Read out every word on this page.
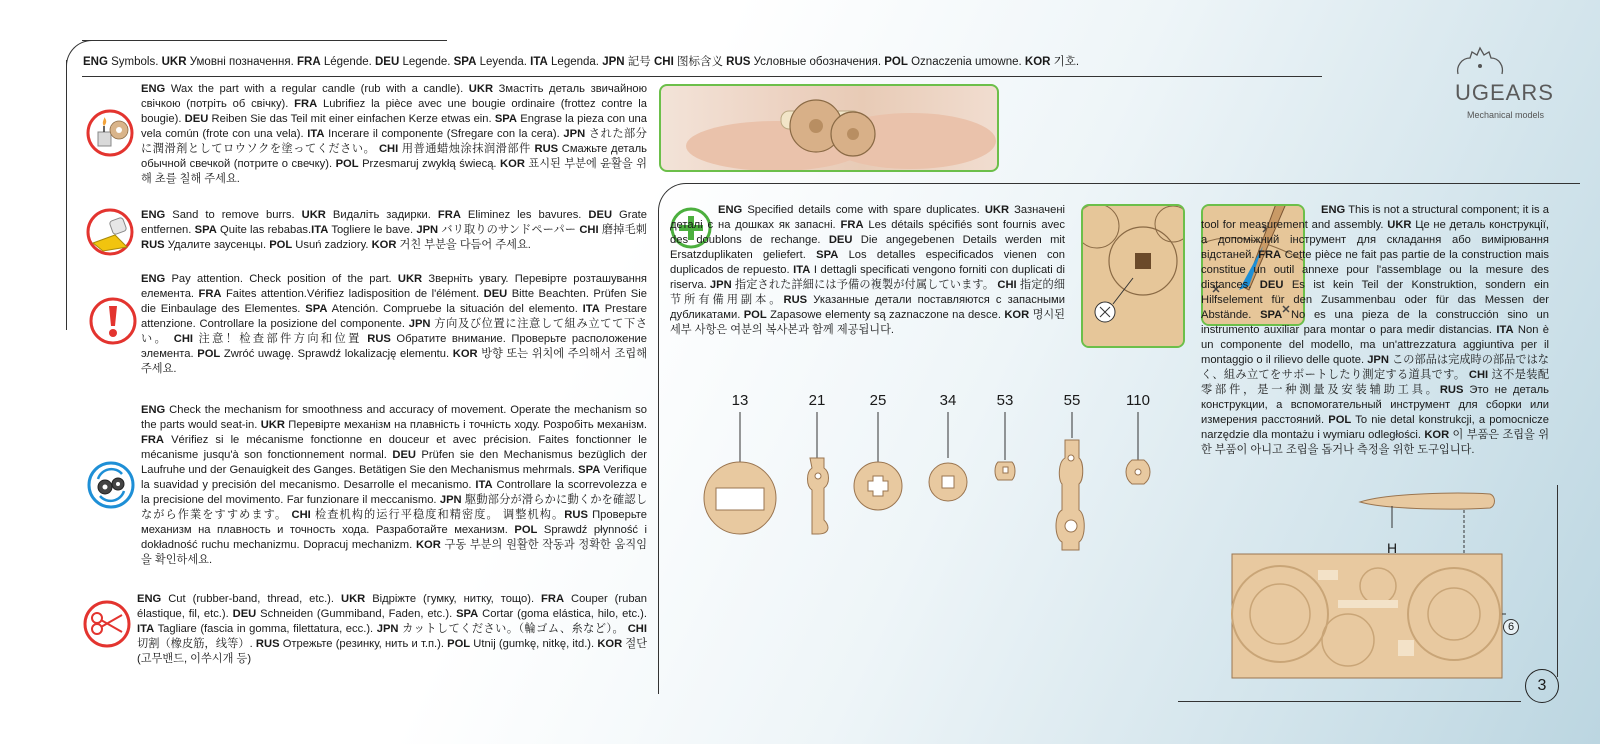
ENG Symbols. UKR Умовні позначення. FRA Légende. DEU Legende. SPA Leyenda. ITA Legenda. JPN 記号 CHI 图标含义 RUS Условные обозначения. POL Oznaczenia umowne. KOR 기호.
UGEARS
Mechanical models
ENG Wax the part with a regular candle (rub with a candle). UKR Змастіть деталь звичайною свічкою (потріть об свічку). FRA Lubrifiez la pièce avec une bougie ordinaire (frottez contre la bougie). DEU Reiben Sie das Teil mit einer einfachen Kerze etwas ein. SPA Engrase la pieza con una vela común (frote con una vela). ITA Incerare il componente (Sfregare con la cera). JPN された部分に潤滑剤としてロウソクを塗ってください。 CHI 用普通蜡烛涂抹润滑部件 RUS Смажьте деталь обычной свечкой (потрите о свечку). POL Przesmaruj zwykłą świecą. KOR 표시된 부분에 윤활을 위해 초를 칠해 주세요.
ENG Sand to remove burrs. UKR Видаліть задирки. FRA Eliminez les bavures. DEU Grate entfernen. SPA Quite las rebabas.ITA Togliere le bave. JPN バリ取りのサンドペーパー CHI 磨掉毛刺 RUS Удалите заусенцы. POL Usuń zadziory. KOR 거친 부분을 다듬어 주세요.
ENG Pay attention. Check position of the part. UKR Зверніть увагу. Перевірте розташування елемента. FRA Faites attention.Vérifiez ladisposition de l'élément. DEU Bitte Beachten. Prüfen Sie die Einbaulage des Elementes. SPA Atención. Compruebe la situación del elemento. ITA Prestare attenzione. Controllare la posizione del componente. JPN 方向及び位置に注意して組み立てて下さい。 CHI 注意！检查部件方向和位置 RUS Обратите внимание. Проверьте расположение элемента. POL Zwróć uwagę. Sprawdź lokalizację elementu. KOR 방향 또는 위치에 주의해서 조립해 주세요.
ENG Check the mechanism for smoothness and accuracy of movement. Operate the mechanism so the parts would seat-in. UKR Перевірте механізм на плавність і точність ходу. Розробіть механізм. FRA Vérifiez si le mécanisme fonctionne en douceur et avec précision. Faites fonctionner le mécanisme jusqu'à son fonctionnement normal. DEU Prüfen sie den Mechanismus bezüglich der Laufruhe und der Genauigkeit des Ganges. Betätigen Sie den Mechanismus mehrmals. SPA Verifique la suavidad y precisión del mecanismo. Desarrolle el mecanismo. ITA Controllare la scorrevolezza e la precisione del movimento. Far funzionare il meccanismo. JPN 駆動部分が滑らかに動くかを確認しながら作業をすすめます。 CHI 检查机构的运行平稳度和精密度。 调整机构。RUS Проверьте механизм на плавность и точность хода. Разработайте механизм. POL Sprawdź płynność i dokładność ruchu mechanizmu. Dopracuj mechanizm. KOR 구동 부분의 원활한 작동과 정확한 움직임을 확인하세요.
ENG Cut (rubber-band, thread, etc.). UKR Відріжте (гумку, нитку, тощо). FRA Couper (ruban élastique, fil, etc.). DEU Schneiden (Gummiband, Faden, etc.). SPA Cortar (goma elástica, hilo, etc.). ITA Tagliare (fascia in gomma, filettatura, ecc.). JPN カットしてください。（輪ゴム、糸など）。 CHI 切割（橡皮筋，线等）. RUS Отрежьте (резинку, нить и т.п.). POL Utnij (gumkę, nitkę, itd.). KOR 절단(고무밴드, 이쑤시개 등)
ENG Specified details come with spare duplicates. UKR Зазначені деталі є на дошках як запасні. FRA Les détails spécifiés sont fournis avec des doublons de rechange. DEU Die angegebenen Details werden mit Ersatzduplikaten geliefert. SPA Los detalles especificados vienen con duplicados de repuesto. ITA I dettagli specificati vengono forniti con duplicati di riserva. JPN 指定された詳細には予備の複製が付属しています。 CHI 指定的细节所有備用副本。RUS Указанные детали поставляются с запасными дубликатами. POL Zapasowe elementy są zaznaczone na desce. KOR 명시된 세부 사항은 여분의 복사본과 함께 제공됩니다.
ENG This is not a structural component; it is a tool for measurement and assembly. UKR Це не деталь конструкції, а допоміжний інструмент для складання або вимірювання відстаней. FRA Cette pièce ne fait pas partie de la construction mais constitue un outil annexe pour l'assemblage ou la mesure des distances. DEU Es ist kein Teil der Konstruktion, sondern ein Hilfselement für den Zusammenbau oder für das Messen der Abstände. SPA No es una pieza de la construcción sino un instrumento auxiliar para montar o para medir distancias. ITA Non è un componente del modello, ma un'attrezzatura aggiuntiva per il montaggio o il rilievo delle quote. JPN この部品は完成時の部品ではなく、組み立てをサポートしたり測定する道具です。 CHI 这不是装配零部件，是一种测量及安装辅助工具。RUS Это не деталь конструкции, а вспомогательный инструмент для сборки или измерения расстояний. POL To nie detal konstrukcji, a pomocnicze narzędzie dla montażu i wymiaru odległości. KOR 이 부품은 조립을 위한 부품이 아니고 조립을 돕거나 측정을 위한 도구입니다.
13	21	25	34	53	55	110
H
6
3
